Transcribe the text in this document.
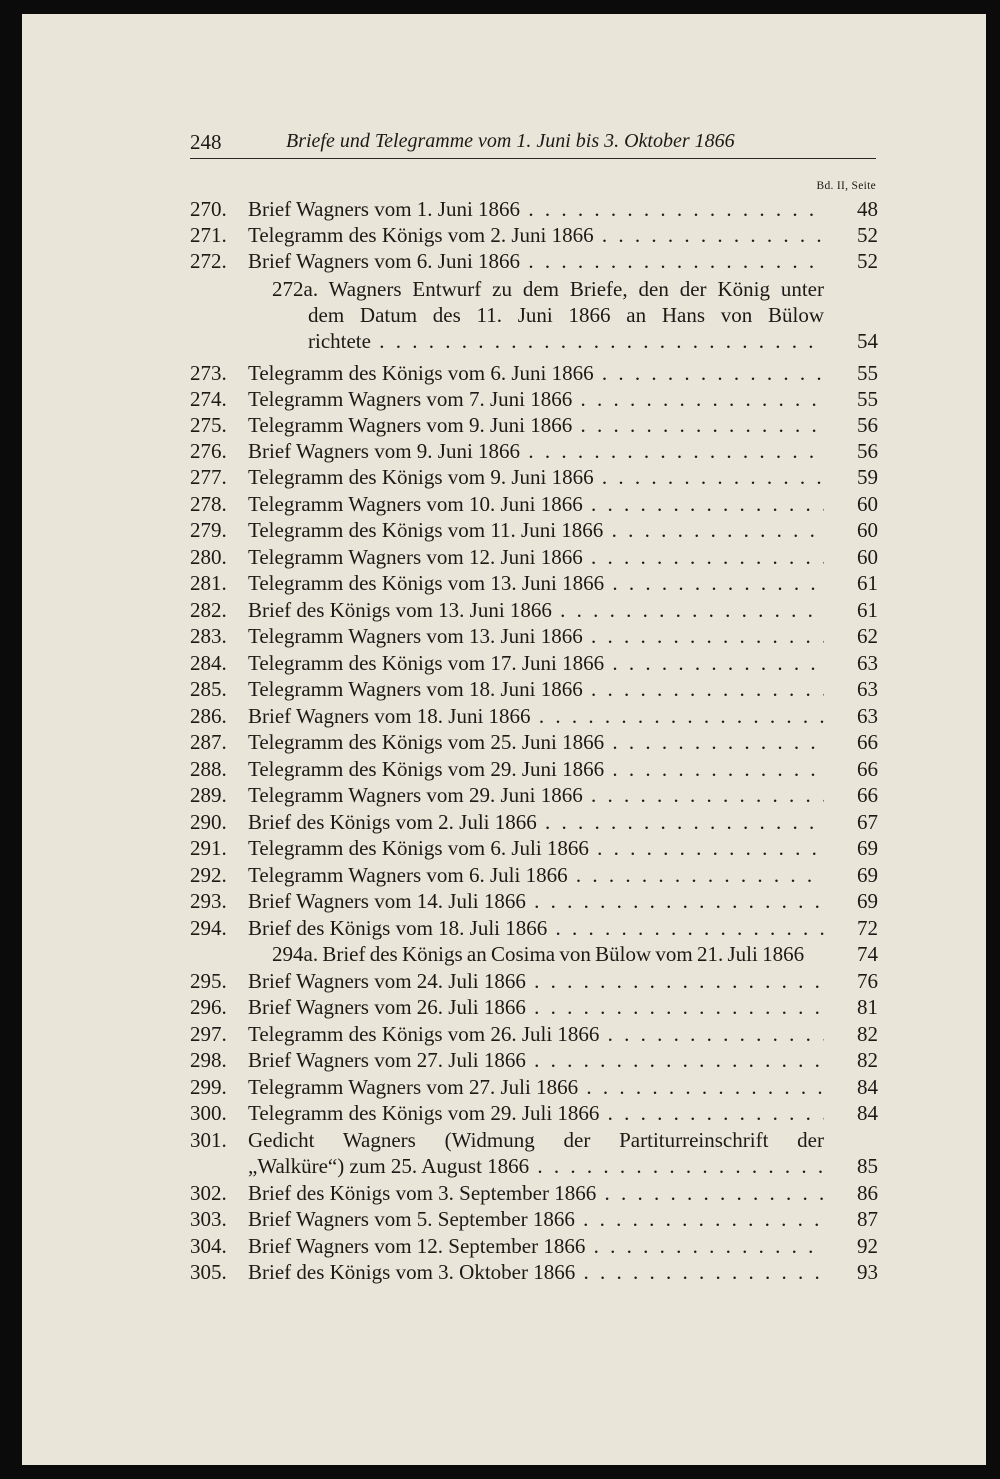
248	Briefe und Telegramme vom 1. Juni bis 3. Oktober 1866
Bd. II, Seite
270. Brief Wagners vom 1. Juni 1866 . . .	48
271. Telegramm des Königs vom 2. Juni 1866 . . .	52
272. Brief Wagners vom 6. Juni 1866 . . .	52
272a. Wagners Entwurf zu dem Briefe, den der König unter
dem Datum des 11. Juni 1866 an Hans von Bülow
richtete . . .	54
273. Telegramm des Königs vom 6. Juni 1866 . . .	55
274. Telegramm Wagners vom 7. Juni 1866 . . .	55
275. Telegramm Wagners vom 9. Juni 1866 . . .	56
276. Brief Wagners vom 9. Juni 1866 . . .	56
277. Telegramm des Königs vom 9. Juni 1866 . . .	59
278. Telegramm Wagners vom 10. Juni 1866 . . .	60
279. Telegramm des Königs vom 11. Juni 1866 . . .	60
280. Telegramm Wagners vom 12. Juni 1866 . . .	60
281. Telegramm des Königs vom 13. Juni 1866 . . .	61
282. Brief des Königs vom 13. Juni 1866 . . .	61
283. Telegramm Wagners vom 13. Juni 1866 . . .	62
284. Telegramm des Königs vom 17. Juni 1866 . . .	63
285. Telegramm Wagners vom 18. Juni 1866 . . .	63
286. Brief Wagners vom 18. Juni 1866 . . .	63
287. Telegramm des Königs vom 25. Juni 1866 . . .	66
288. Telegramm des Königs vom 29. Juni 1866 . . .	66
289. Telegramm Wagners vom 29. Juni 1866 . . .	66
290. Brief des Königs vom 2. Juli 1866 . . .	67
291. Telegramm des Königs vom 6. Juli 1866 . . .	69
292. Telegramm Wagners vom 6. Juli 1866 . . .	69
293. Brief Wagners vom 14. Juli 1866 . . .	69
294. Brief des Königs vom 18. Juli 1866 . . .	72
294a. Brief des Königs an Cosima von Bülow vom 21. Juli 1866	74
295. Brief Wagners vom 24. Juli 1866 . . .	76
296. Brief Wagners vom 26. Juli 1866 . . .	81
297. Telegramm des Königs vom 26. Juli 1866 . . .	82
298. Brief Wagners vom 27. Juli 1866 . . .	82
299. Telegramm Wagners vom 27. Juli 1866 . . .	84
300. Telegramm des Königs vom 29. Juli 1866 . . .	84
301. Gedicht Wagners (Widmung der Partiturreinschrift der
„Walküre“) zum 25. August 1866 . . .	85
302. Brief des Königs vom 3. September 1866 . . .	86
303. Brief Wagners vom 5. September 1866 . . .	87
304. Brief Wagners vom 12. September 1866 . . .	92
305. Brief des Königs vom 3. Oktober 1866 . . .	93
